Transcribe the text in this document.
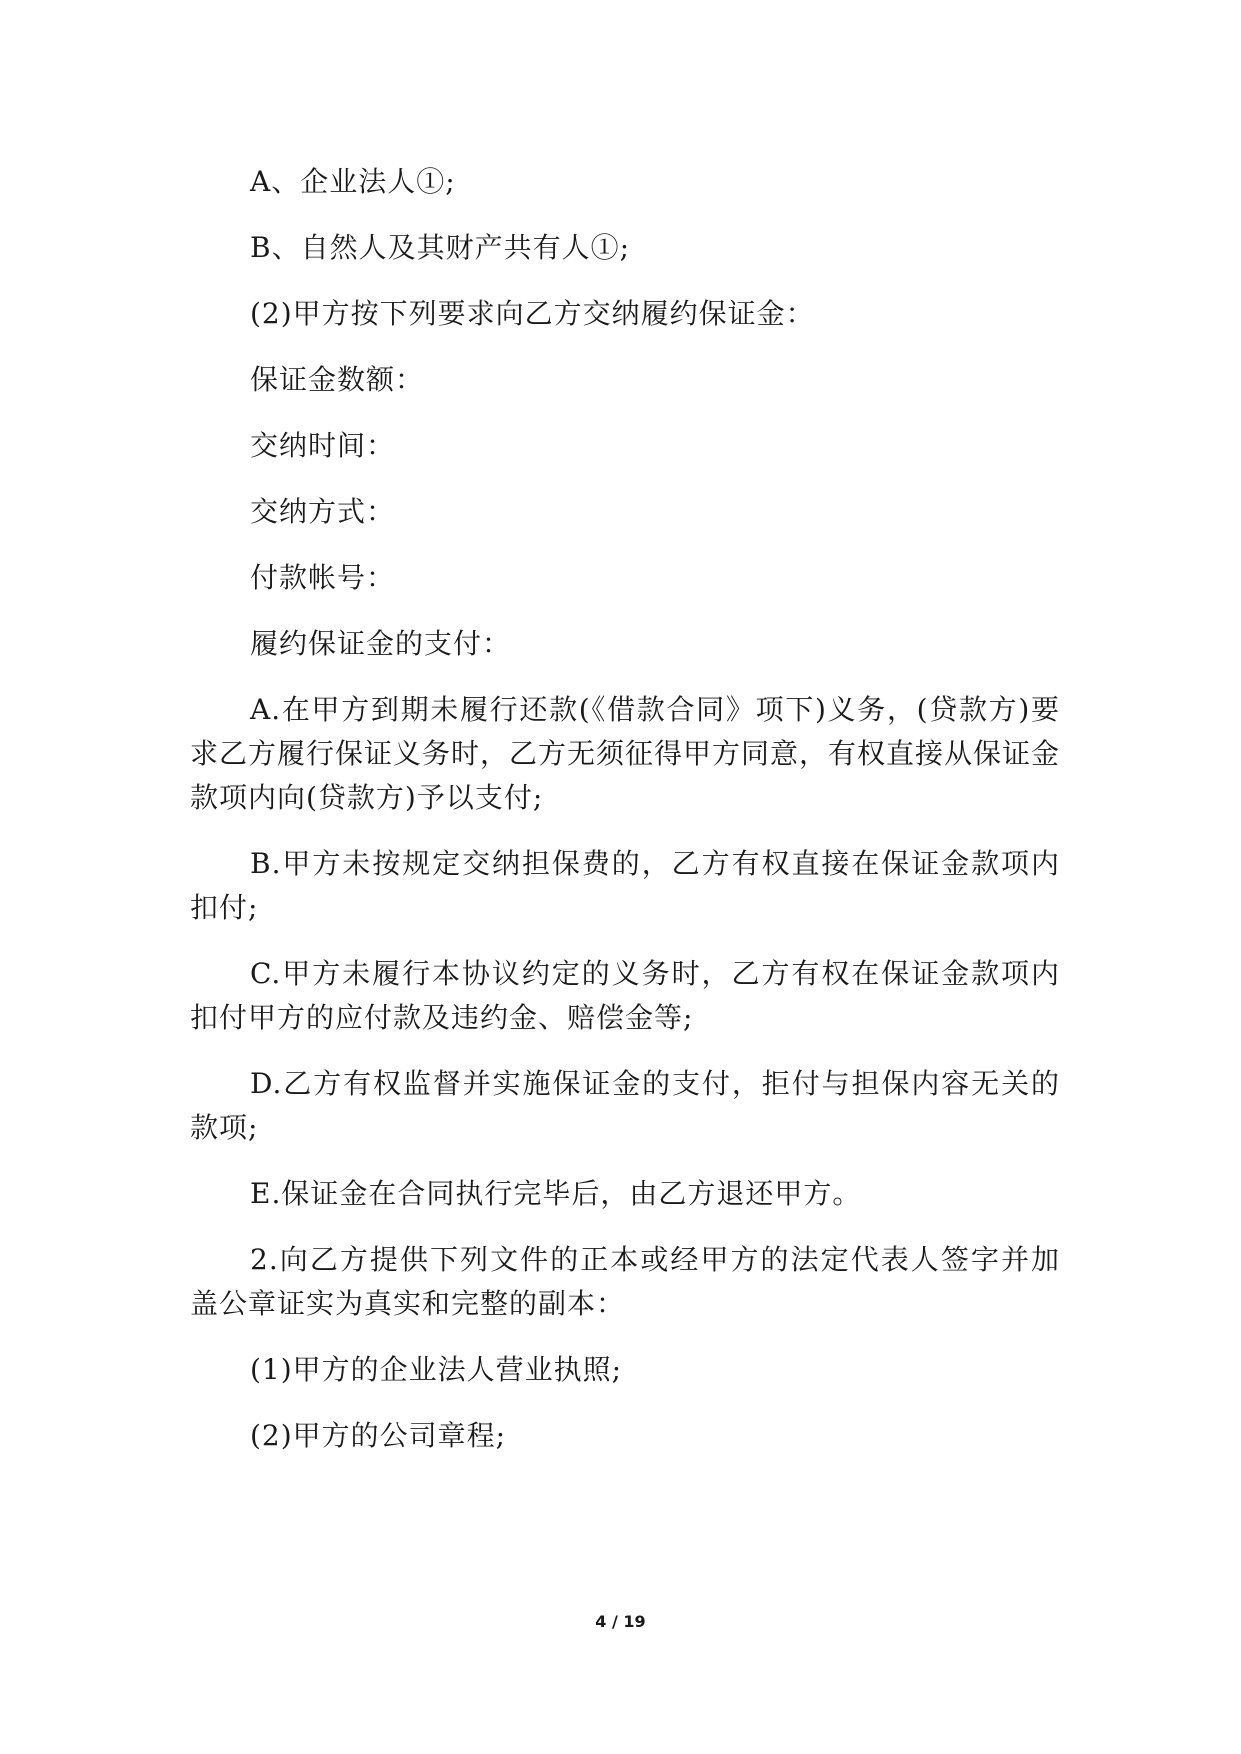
A、企业法人①;

B、自然人及其财产共有人①;

(2)甲方按下列要求向乙方交纳履约保证金：

保证金数额：

交纳时间：

交纳方式：

付款帐号：

履约保证金的支付：

A.在甲方到期未履行还款(《借款合同》项下)义务，(贷款方)要求乙方履行保证义务时，乙方无须征得甲方同意，有权直接从保证金款项内向(贷款方)予以支付;

B.甲方未按规定交纳担保费的，乙方有权直接在保证金款项内扣付;

C.甲方未履行本协议约定的义务时，乙方有权在保证金款项内扣付甲方的应付款及违约金、赔偿金等;

D.乙方有权监督并实施保证金的支付，拒付与担保内容无关的款项;

E.保证金在合同执行完毕后，由乙方退还甲方。

2.向乙方提供下列文件的正本或经甲方的法定代表人签字并加盖公章证实为真实和完整的副本：

(1)甲方的企业法人营业执照;

(2)甲方的公司章程;

4 / 19
